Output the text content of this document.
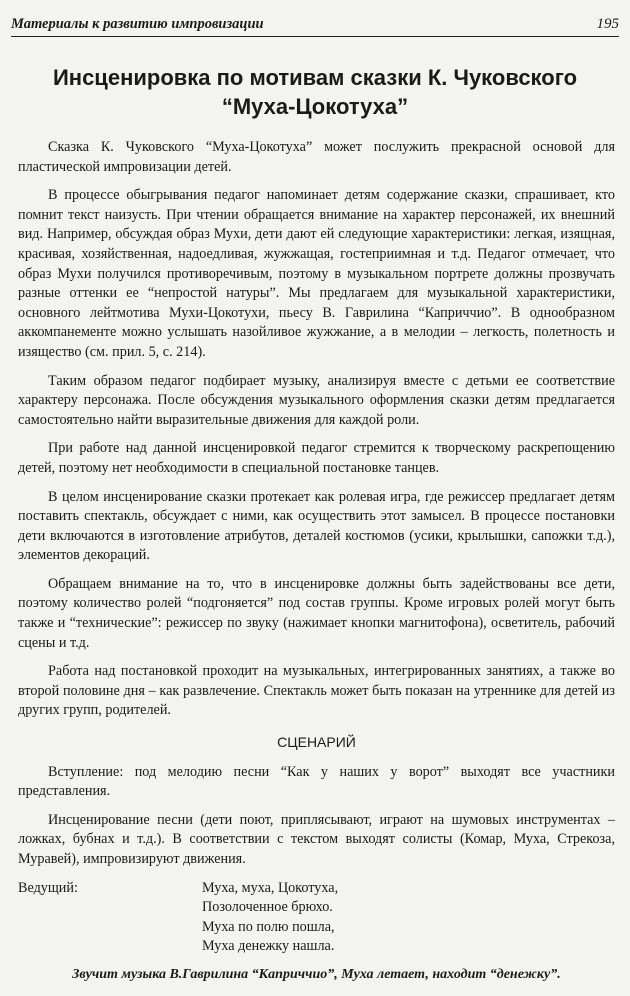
Материалы к развитию импровизации	195
Инсценировка по мотивам сказки К. Чуковского
“Муха-Цокотуха”

Сказка К. Чуковского “Муха-Цокотуха” может послужить прекрасной основой для пластической импровизации детей.

В процессе обыгрывания педагог напоминает детям содержание сказки, спрашивает, кто помнит текст наизусть. При чтении обращается внимание на характер персонажей, их внешний вид. Например, обсуждая образ Мухи, дети дают ей следующие характеристики: легкая, изящная, красивая, хозяйственная, надоедливая, жужжащая, гостеприимная и т.д. Педагог отмечает, что образ Мухи получился противоречивым, поэтому в музыкальном портрете должны прозвучать разные оттенки ее “непростой натуры”. Мы предлагаем для музыкальной характеристики, основного лейтмотива Мухи-Цокотухи, пьесу В. Гаврилина “Каприччио”. В однообразном аккомпанементе можно услышать назойливое жужжание, а в мелодии – легкость, полетность и изящество (см. прил. 5, с. 214).

Таким образом педагог подбирает музыку, анализируя вместе с детьми ее соответствие характеру персонажа. После обсуждения музыкального оформления сказки детям предлагается самостоятельно найти выразительные движения для каждой роли.

При работе над данной инсценировкой педагог стремится к творческому раскрепощению детей, поэтому нет необходимости в специальной постановке танцев.

В целом инсценирование сказки протекает как ролевая игра, где режиссер предлагает детям поставить спектакль, обсуждает с ними, как осуществить этот замысел. В процессе постановки дети включаются в изготовление атрибутов, деталей костюмов (усики, крылышки, сапожки т.д.), элементов декораций.

Обращаем внимание на то, что в инсценировке должны быть задействованы все дети, поэтому количество ролей “подгоняется” под состав группы. Кроме игровых ролей могут быть также и “технические”: режиссер по звуку (нажимает кнопки магнитофона), осветитель, рабочий сцены и т.д.

Работа над постановкой проходит на музыкальных, интегрированных занятиях, а также во второй половине дня – как развлечение. Спектакль может быть показан на утреннике для детей из других групп, родителей.

СЦЕНАРИЙ

Вступление: под мелодию песни “Как у наших у ворот” выходят все участники представления.

Инсценирование песни (дети поют, приплясывают, играют на шумовых инструментах – ложках, бубнах и т.д.). В соответствии с текстом выходят солисты (Комар, Муха, Стрекоза, Муравей), импровизируют движения.

Ведущий:	Муха, муха, Цокотуха,
Позолоченное брюхо.
Муха по полю пошла,
Муха денежку нашла.
Звучит музыка В.Гаврилина “Каприччио”, Муха летает, находит “денежку”.
